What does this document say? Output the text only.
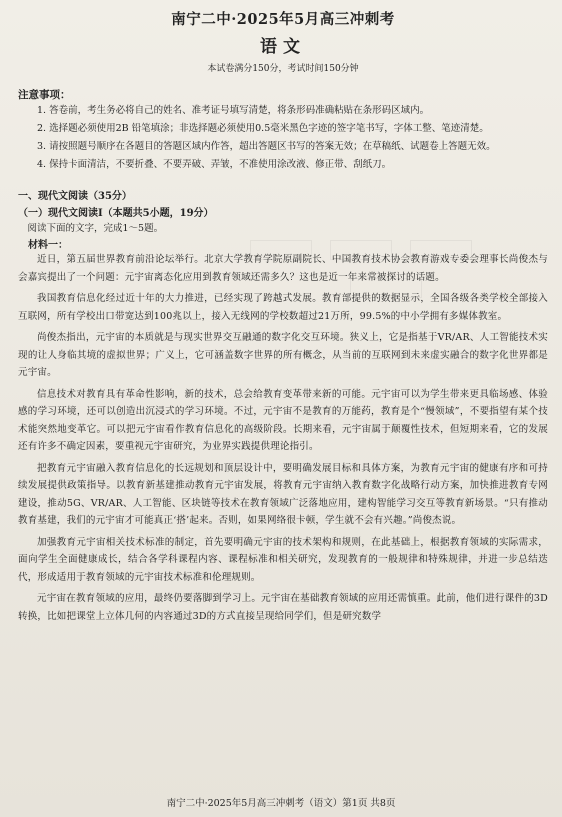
南宁二中·2025年5月高三冲刺考
语文
本试卷满分150分，考试时间150分钟
注意事项：

1. 答卷前，考生务必将自己的姓名、准考证号填写清楚，将条形码准确粘贴在条形码区域内。

2. 选择题必须使用2B 铅笔填涂；非选择题必须使用0.5毫米黑色字迹的签字笔书写，字体工整、笔迹清楚。

3. 请按照题号顺序在各题目的答题区域内作答，超出答题区书写的答案无效；在草稿纸、试题卷上答题无效。

4. 保持卡面清洁，不要折叠、不要弄破、弄皱，不准使用涂改液、修正带、刮纸刀。

一、现代文阅读（35分）
（一）现代文阅读Ⅰ（本题共5小题，19分）
阅读下面的文字，完成1～5题。
材料一：

近日，第五届世界教育前沿论坛举行。北京大学教育学院原副院长、中国教育技术协会教育游戏专委会理事长尚俊杰与会嘉宾提出了一个问题：元宇宙离态化应用到教育领域还需多久？这也是近一年来常被探讨的话题。

我国教育信息化经过近十年的大力推进，已经实现了跨越式发展。教育部提供的数据显示，全国各级各类学校全部接入互联网，所有学校出口带宽达到100兆以上，接入无线网的学校数超过21万所，99.5%的中小学拥有多媒体教室。

尚俊杰指出，元宇宙的本质就是与现实世界交互融通的数字化交互环境。狭义上，它是指基于VR/AR、人工智能技术实现的让人身临其境的虚拟世界；广义上，它可涵盖数字世界的所有概念，从当前的互联网到未来虚实融合的数字化世界都是元宇宙。

信息技术对教育具有革命性影响，新的技术，总会给教育变革带来新的可能。元宇宙可以为学生带来更具临场感、体验感的学习环境，还可以创造出沉浸式的学习环境。不过，元宇宙不是教育的万能药，教育是个“慢领域”，不要指望有某个技术能突然地变革它。可以把元宇宙看作教育信息化的高级阶段。长期来看，元宇宙属于颠覆性技术，但短期来看，它的发展还有许多不确定因素，要重视元宇宙研究，为业界实践提供理论指引。

把教育元宇宙融入教育信息化的长远规划和顶层设计中，要明确发展目标和具体方案，为教育元宇宙的健康有序和可持续发展提供政策指导。以教育新基建推动教育元宇宙发展，将教育元宇宙纳入教育数字化战略行动方案，加快推进教育专网建设，推动5G、VR/AR、人工智能、区块链等技术在教育领域广泛落地应用，建构智能学习交互等教育新场景。“只有推动教育基建，我们的元宇宙才可能真正‘搭’起来。否则，如果网络很卡顿，学生就不会有兴趣。”尚俊杰说。

加强教育元宇宙相关技术标准的制定，首先要明确元宇宙的技术架构和规则，在此基础上，根据教育领域的实际需求，面向学生全面健康成长，结合各学科课程内容、课程标准和相关研究，发现教育的一般规律和特殊规律，并进一步总结迭代，形成适用于教育领域的元宇宙技术标准和伦理规则。

元宇宙在教育领域的应用，最终仍要落脚到学习上。元宇宙在基础教育领域的应用还需慎重。此前，他们进行课件的3D转换，比如把课堂上立体几何的内容通过3D的方式直接呈现给同学们，但是研究数学

南宁二中·2025年5月高三冲刺考（语文）第1页 共8页
